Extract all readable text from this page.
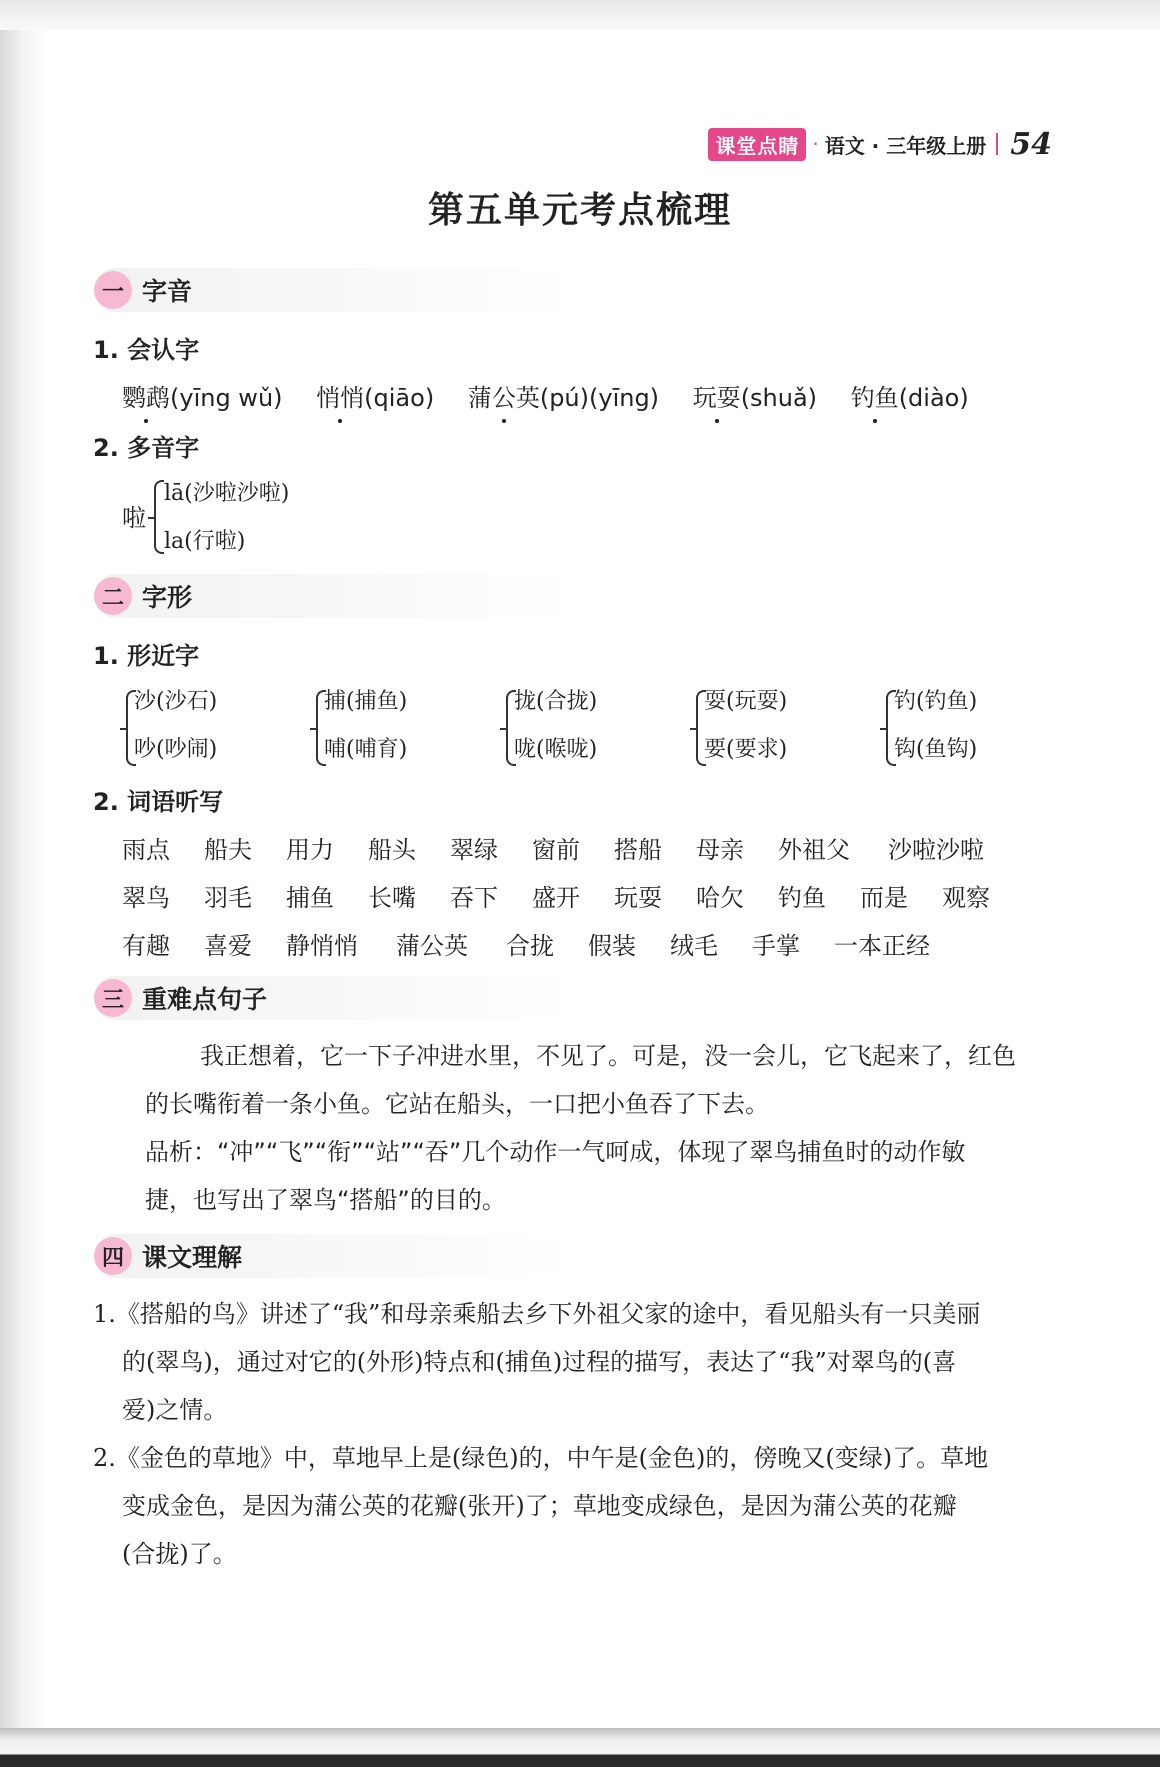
课堂点睛 · 语文 · 三年级上册 54
第五单元考点梳理
一 字音
1. 会认字
鹦鹉(yīng wǔ) 悄悄(qiāo) 蒲公英(pú)(yīng) 玩耍(shuǎ) 钓鱼(diào)
2. 多音字
啦
lā(沙啦沙啦)
la(行啦)
二 字形
1. 形近字
沙(沙石)
吵(吵闹)
捕(捕鱼)
哺(哺育)
拢(合拢)
咙(喉咙)
耍(玩耍)
要(要求)
钓(钓鱼)
钩(鱼钩)
2. 词语听写
雨点 船夫 用力 船头 翠绿 窗前 搭船 母亲 外祖父 沙啦沙啦
翠鸟 羽毛 捕鱼 长嘴 吞下 盛开 玩耍 哈欠 钓鱼 而是 观察
有趣 喜爱 静悄悄 蒲公英 合拢 假装 绒毛 手掌 一本正经
三 重难点句子
我正想着，它一下子冲进水里，不见了。可是，没一会儿，它飞起来了，红色
的长嘴衔着一条小鱼。它站在船头，一口把小鱼吞了下去。
品析：“冲”“飞”“衔”“站”“吞”几个动作一气呵成，体现了翠鸟捕鱼时的动作敏
捷，也写出了翠鸟“搭船”的目的。
四 课文理解
1.《搭船的鸟》讲述了“我”和母亲乘船去乡下外祖父家的途中，看见船头有一只美丽
的(翠鸟)，通过对它的(外形)特点和(捕鱼)过程的描写，表达了“我”对翠鸟的(喜
爱)之情。
2.《金色的草地》中，草地早上是(绿色)的，中午是(金色)的，傍晚又(变绿)了。草地
变成金色，是因为蒲公英的花瓣(张开)了；草地变成绿色，是因为蒲公英的花瓣
(合拢)了。
